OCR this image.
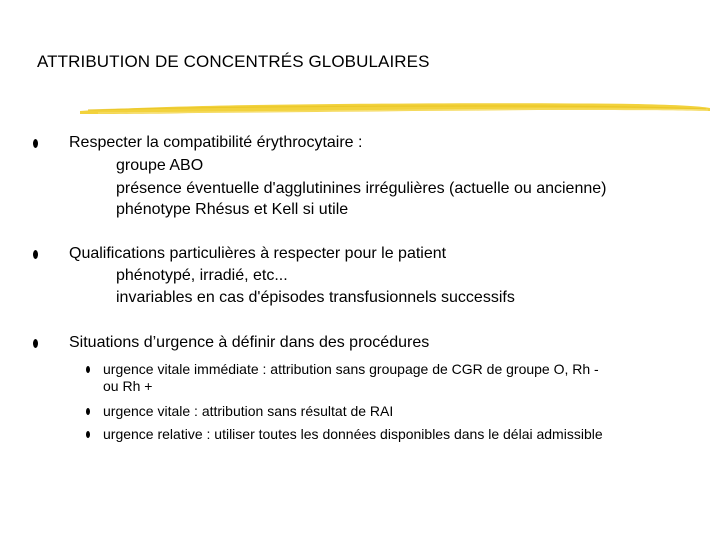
ATTRIBUTION DE CONCENTRÉS GLOBULAIRES
Respecter la compatibilité érythrocytaire :
groupe ABO
présence éventuelle d'agglutinines irrégulières (actuelle ou ancienne)
phénotype Rhésus et Kell si utile
Qualifications particulières à respecter pour le patient
phénotypé, irradié, etc...
invariables en cas d'épisodes transfusionnels successifs
Situations d’urgence à définir dans des procédures
urgence vitale immédiate : attribution sans groupage de CGR de groupe O, Rh -
ou Rh +
urgence vitale : attribution sans résultat de RAI
urgence relative : utiliser toutes les données disponibles dans le délai admissible
